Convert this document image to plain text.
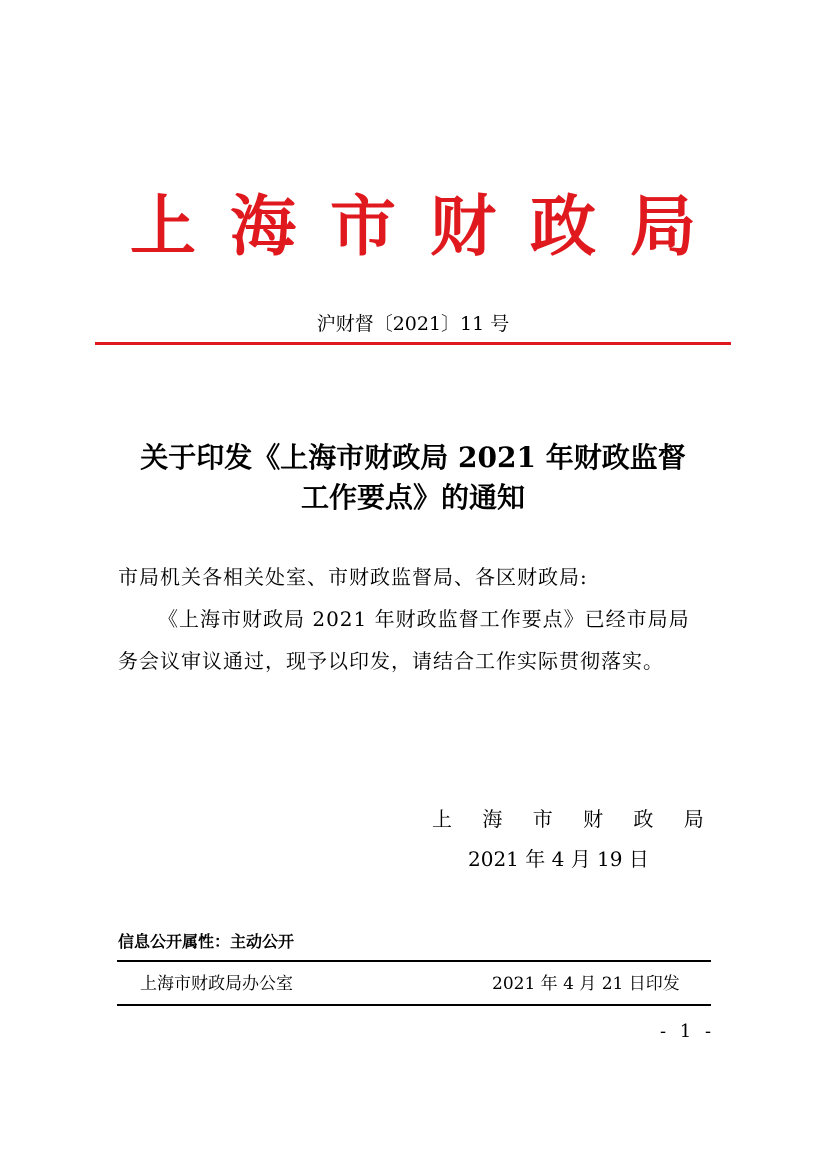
上海市财政局
沪财督〔2021〕11 号
关于印发《上海市财政局 2021 年财政监督
工作要点》的通知
市局机关各相关处室、市财政监督局、各区财政局:
《上海市财政局 2021 年财政监督工作要点》已经市局局
务会议审议通过，现予以印发，请结合工作实际贯彻落实。
上 海 市 财 政 局
2021 年 4 月 19 日
信息公开属性：主动公开
上海市财政局办公室	2021 年 4 月 21 日印发
- 1 -
